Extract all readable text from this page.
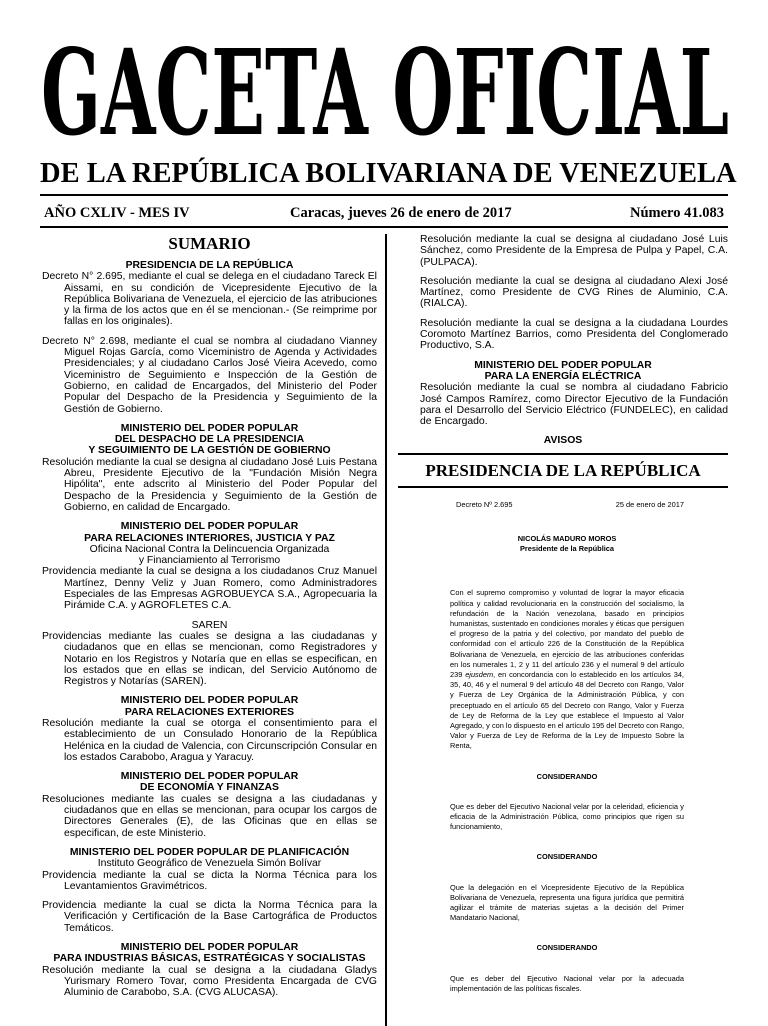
GACETA OFICIAL
DE LA REPÚBLICA BOLIVARIANA DE VENEZUELA
AÑO CXLIV - MES IV	Caracas, jueves 26 de enero de 2017	Número 41.083
SUMARIO
PRESIDENCIA DE LA REPÚBLICA

Decreto N° 2.695, mediante el cual se delega en el ciudadano Tareck El Aissami, en su condición de Vicepresidente Ejecutivo de la República Bolivariana de Venezuela, el ejercicio de las atribuciones y la firma de los actos que en él se mencionan.- (Se reimprime por fallas en los originales).

Decreto N° 2.698, mediante el cual se nombra al ciudadano Vianney Miguel Rojas García, como Viceministro de Agenda y Actividades Presidenciales; y al ciudadano Carlos José Vieira Acevedo, como Viceministro de Seguimiento e Inspección de la Gestión de Gobierno, en calidad de Encargados, del Ministerio del Poder Popular del Despacho de la Presidencia y Seguimiento de la Gestión de Gobierno.

MINISTERIO DEL PODER POPULAR
DEL DESPACHO DE LA PRESIDENCIA
Y SEGUIMIENTO DE LA GESTIÓN DE GOBIERNO

Resolución mediante la cual se designa al ciudadano José Luis Pestana Abreu, Presidente Ejecutivo de la "Fundación Misión Negra Hipólita", ente adscrito al Ministerio del Poder Popular del Despacho de la Presidencia y Seguimiento de la Gestión de Gobierno, en calidad de Encargado.

MINISTERIO DEL PODER POPULAR
PARA RELACIONES INTERIORES, JUSTICIA Y PAZ
Oficina Nacional Contra la Delincuencia Organizada
y Financiamiento al Terrorismo

Providencia mediante la cual se designa a los ciudadanos Cruz Manuel Martínez, Denny Veliz y Juan Romero, como Administradores Especiales de las Empresas AGROBUEYCA S.A., Agropecuaria la Pirámide C.A. y AGROFLETES C.A.

SAREN

Providencias mediante las cuales se designa a las ciudadanas y ciudadanos que en ellas se mencionan, como Registradores y Notario en los Registros y Notaría que en ellas se especifican, en los estados que en ellas se indican, del Servicio Autónomo de Registros y Notarías (SAREN).

MINISTERIO DEL PODER POPULAR
PARA RELACIONES EXTERIORES

Resolución mediante la cual se otorga el consentimiento para el establecimiento de un Consulado Honorario de la República Helénica en la ciudad de Valencia, con Circunscripción Consular en los estados Carabobo, Aragua y Yaracuy.

MINISTERIO DEL PODER POPULAR
DE ECONOMÍA Y FINANZAS

Resoluciones mediante las cuales se designa a las ciudadanas y ciudadanos que en ellas se mencionan, para ocupar los cargos de Directores Generales (E), de las Oficinas que en ellas se especifican, de este Ministerio.

MINISTERIO DEL PODER POPULAR DE PLANIFICACIÓN
Instituto Geográfico de Venezuela Simón Bolívar

Providencia mediante la cual se dicta la Norma Técnica para los Levantamientos Gravimétricos.

Providencia mediante la cual se dicta la Norma Técnica para la Verificación y Certificación de la Base Cartográfica de Productos Temáticos.

MINISTERIO DEL PODER POPULAR
PARA INDUSTRIAS BÁSICAS, ESTRATÉGICAS Y SOCIALISTAS

Resolución mediante la cual se designa a la ciudadana Gladys Yurismary Romero Tovar, como Presidenta Encargada de CVG Aluminio de Carabobo, S.A. (CVG ALUCASA).

Resolución mediante la cual se designa al ciudadano José Luis Sánchez, como Presidente de la Empresa de Pulpa y Papel, C.A. (PULPACA).

Resolución mediante la cual se designa al ciudadano Alexi José Martínez, como Presidente de CVG Rines de Aluminio, C.A. (RIALCA).

Resolución mediante la cual se designa a la ciudadana Lourdes Coromoto Martínez Barrios, como Presidenta del Conglomerado Productivo, S.A.

MINISTERIO DEL PODER POPULAR
PARA LA ENERGÍA ELÉCTRICA

Resolución mediante la cual se nombra al ciudadano Fabricio José Campos Ramírez, como Director Ejecutivo de la Fundación para el Desarrollo del Servicio Eléctrico (FUNDELEC), en calidad de Encargado.

AVISOS
PRESIDENCIA DE LA REPÚBLICA
Decreto Nº 2.695	25 de enero de 2017
NICOLÁS MADURO MOROS
Presidente de la República

Con el supremo compromiso y voluntad de lograr la mayor eficacia política y calidad revolucionaria en la construcción del socialismo, la refundación de la Nación venezolana, basado en principios humanistas, sustentado en condiciones morales y éticas que persiguen el progreso de la patria y del colectivo, por mandato del pueblo de conformidad con el artículo 226 de la Constitución de la República Bolivariana de Venezuela, en ejercicio de las atribuciones conferidas en los numerales 1, 2 y 11 del artículo 236 y el numeral 9 del artículo 239 ejusdem, en concordancia con lo establecido en los artículos 34, 35, 40, 46 y el numeral 9 del artículo 48 del Decreto con Rango, Valor y Fuerza de Ley Orgánica de la Administración Pública, y con preceptuado en el artículo 65 del Decreto con Rango, Valor y Fuerza de Ley de Reforma de la Ley que establece el Impuesto al Valor Agregado, y con lo dispuesto en el artículo 195 del Decreto con Rango, Valor y Fuerza de Ley de Reforma de la Ley de Impuesto Sobre la Renta,

CONSIDERANDO

Que es deber del Ejecutivo Nacional velar por la celeridad, eficiencia y eficacia de la Administración Pública, como principios que rigen su funcionamiento,

CONSIDERANDO

Que la delegación en el Vicepresidente Ejecutivo de la República Bolivariana de Venezuela, representa una figura jurídica que permitirá agilizar el trámite de materias sujetas a la decisión del Primer Mandatario Nacional,

CONSIDERANDO

Que es deber del Ejecutivo Nacional velar por la adecuada implementación de las políticas fiscales.
